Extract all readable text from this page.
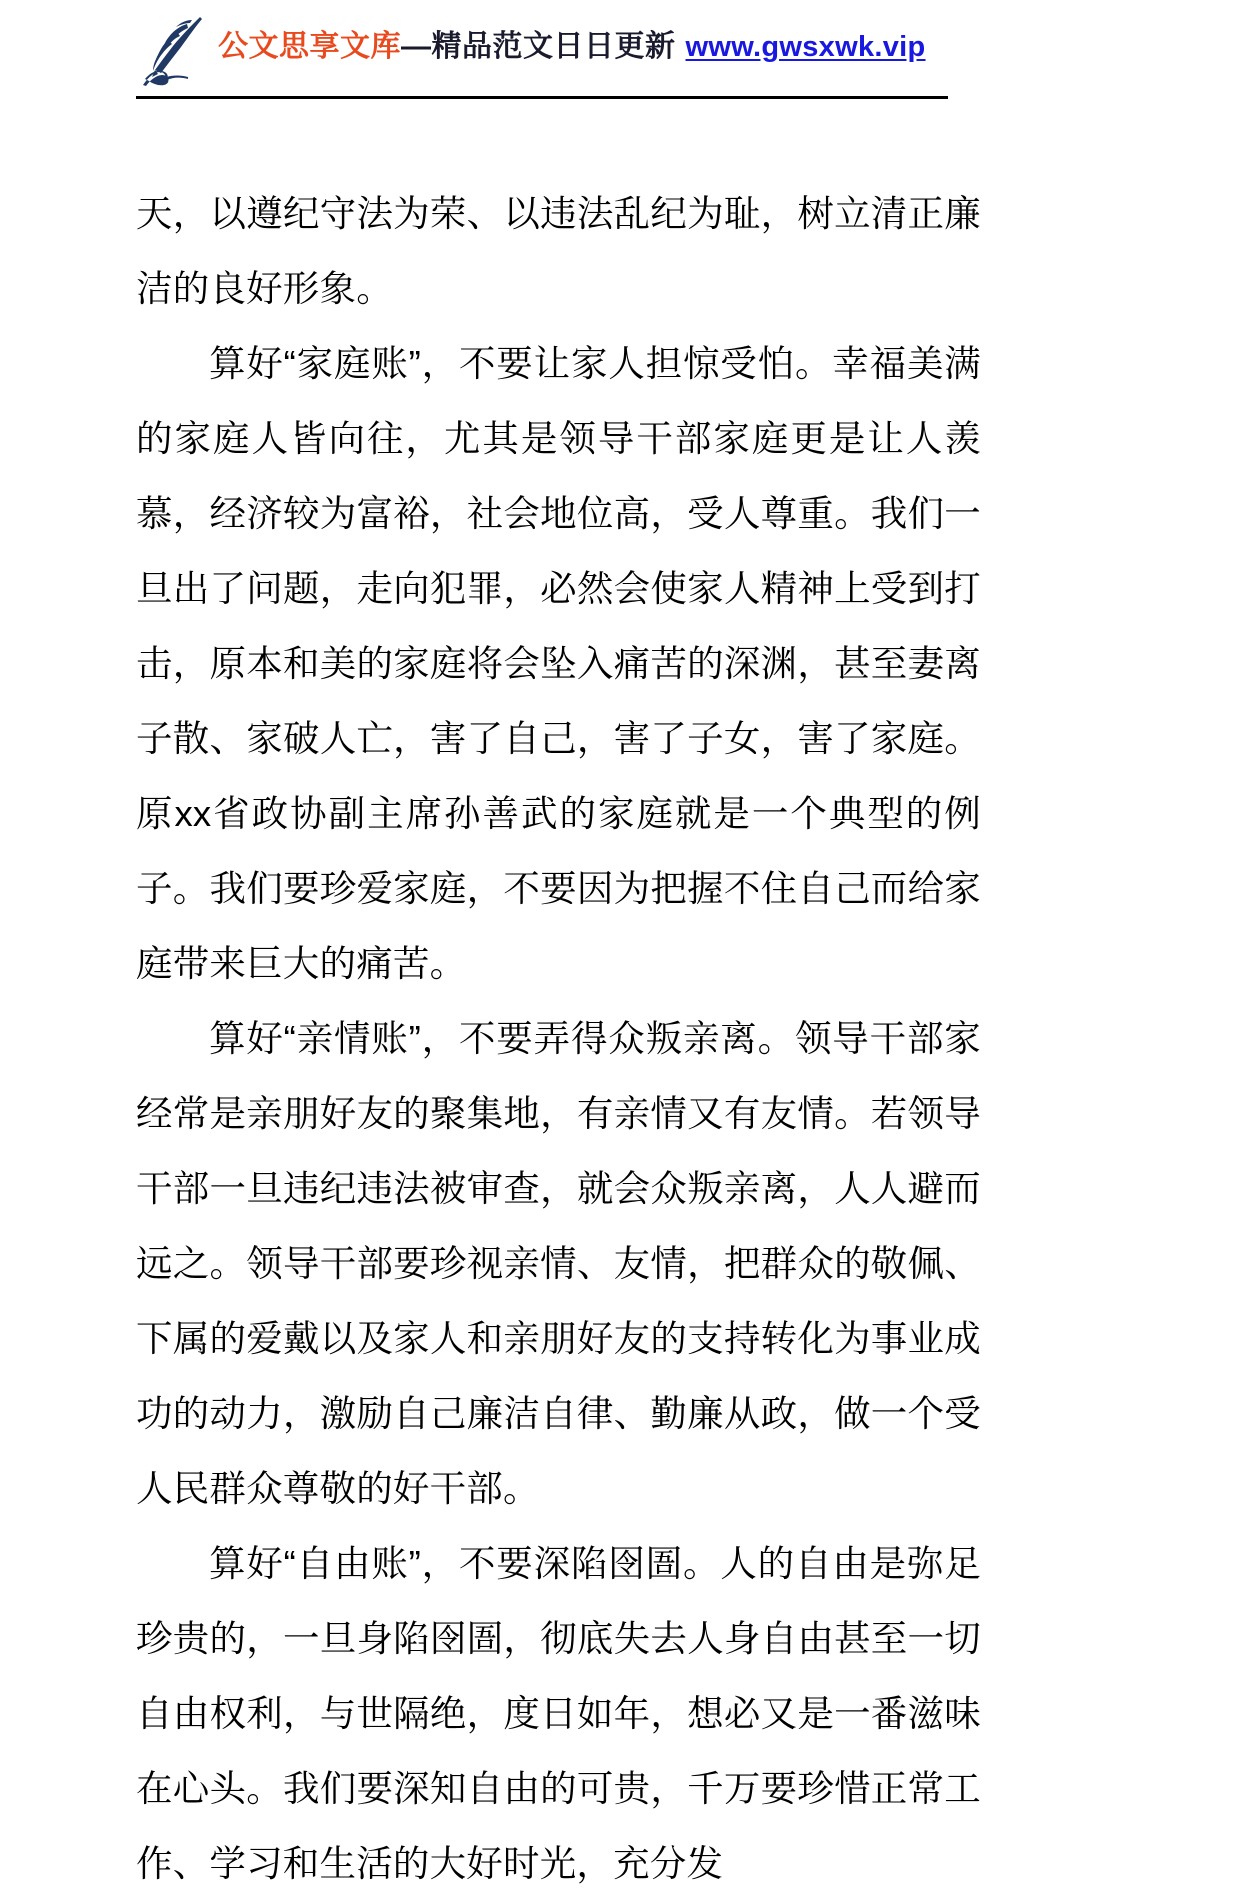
公文思享文库 —精品范文日日更新 www.gwsxwk.vip

天，以遵纪守法为荣、以违法乱纪为耻，树立清正廉洁的良好形象。

算好“家庭账”，不要让家人担惊受怕。幸福美满的家庭人皆向往，尤其是领导干部家庭更是让人羡慕，经济较为富裕，社会地位高，受人尊重。我们一旦出了问题，走向犯罪，必然会使家人精神上受到打击，原本和美的家庭将会坠入痛苦的深渊，甚至妻离子散、家破人亡，害了自己，害了子女，害了家庭。原xx省政协副主席孙善武的家庭就是一个典型的例子。我们要珍爱家庭，不要因为把握不住自己而给家庭带来巨大的痛苦。

算好“亲情账”，不要弄得众叛亲离。领导干部家经常是亲朋好友的聚集地，有亲情又有友情。若领导干部一旦违纪违法被审查，就会众叛亲离，人人避而远之。领导干部要珍视亲情、友情，把群众的敬佩、下属的爱戴以及家人和亲朋好友的支持转化为事业成功的动力，激励自己廉洁自律、勤廉从政，做一个受人民群众尊敬的好干部。

算好“自由账”，不要深陷囹圄。人的自由是弥足珍贵的，一旦身陷囹圄，彻底失去人身自由甚至一切自由权利，与世隔绝，度日如年，想必又是一番滋味在心头。我们要深知自由的可贵，千万要珍惜正常工作、学习和生活的大好时光，充分发
